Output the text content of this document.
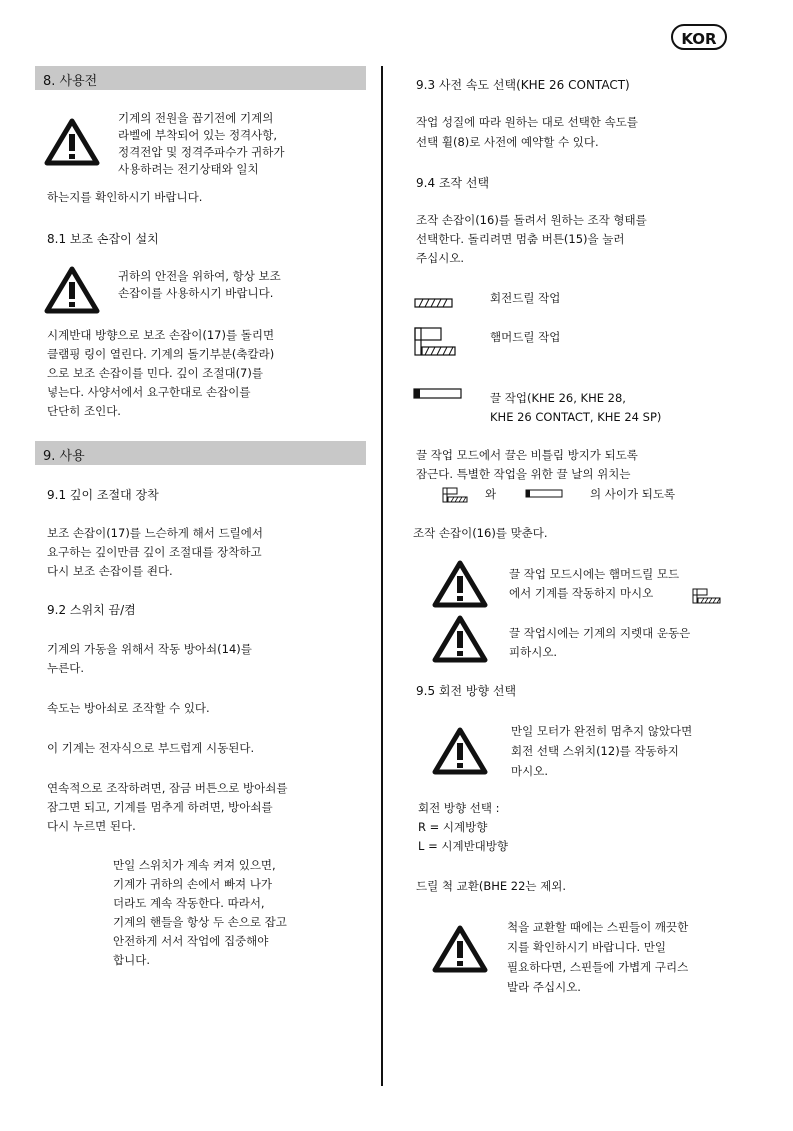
KOR
8. 사용전
기계의 전원을 꼽기전에 기계의
라벨에 부착되어 있는 정격사항,
정격전압 및 정격주파수가 귀하가
사용하려는 전기상태와 일치
하는지를 확인하시기 바랍니다.
8.1 보조 손잡이 설치
귀하의 안전을 위하여, 항상 보조
손잡이를 사용하시기 바랍니다.
시계반대 방향으로 보조 손잡이(17)를 돌리면
클램핑 링이 열린다. 기계의 돌기부분(축칼라)
으로 보조 손잡이를 민다. 깊이 조절대(7)를
넣는다. 사양서에서 요구한대로 손잡이를
단단히 조인다.
9. 사용
9.1 깊이 조절대 장착
보조 손잡이(17)를 느슨하게 해서 드릴에서
요구하는 깊이만큼 깊이 조절대를 장착하고
다시 보조 손잡이를 죈다.
9.2 스위치 끔/켬
기계의 가동을 위해서 작동 방아쇠(14)를
누른다.
속도는 방아쇠로 조작할 수 있다.
이 기계는 전자식으로 부드럽게 시동된다.
연속적으로 조작하려면, 잠금 버튼으로 방아쇠를
잠그면 되고, 기계를 멈추게 하려면, 방아쇠를
다시 누르면 된다.
만일 스위치가 계속 켜져 있으면,
기계가 귀하의 손에서 빠져 나가
더라도 계속 작동한다. 따라서,
기계의 핸들을 항상 두 손으로 잡고
안전하게 서서 작업에 집중해야
합니다.
9.3 사전 속도 선택(KHE 26 CONTACT)
작업 성질에 따라 원하는 대로 선택한 속도를
선택 휠(8)로 사전에 예약할 수 있다.
9.4 조작 선택
조작 손잡이(16)를 돌려서 원하는 조작 형태를
선택한다. 돌리려면 멈춤 버튼(15)을 눌러
주십시오.
회전드릴 작업
햄머드릴 작업
끌 작업(KHE 26, KHE 28,
KHE 26 CONTACT, KHE 24 SP)
끌 작업 모드에서 끌은 비틀림 방지가 되도록
잠근다. 특별한 작업을 위한 끌 날의 위치는
와	의 사이가 되도록
조작 손잡이(16)를 맞춘다.
끌 작업 모드시에는 햄머드릴 모드
에서 기계를 작동하지 마시오
끌 작업시에는 기계의 지렛대 운동은
피하시오.
9.5 회전 방향 선택
만일 모터가 완전히 멈추지 않았다면
회전 선택 스위치(12)를 작동하지
마시오.
회전 방향 선택 :
R = 시계방향
L = 시계반대방향
드릴 척 교환(BHE 22는 제외.
척을 교환할 때에는 스핀들이 깨끗한
지를 확인하시기 바랍니다. 만일
필요하다면, 스핀들에 가볍게 구리스
발라 주십시오.
